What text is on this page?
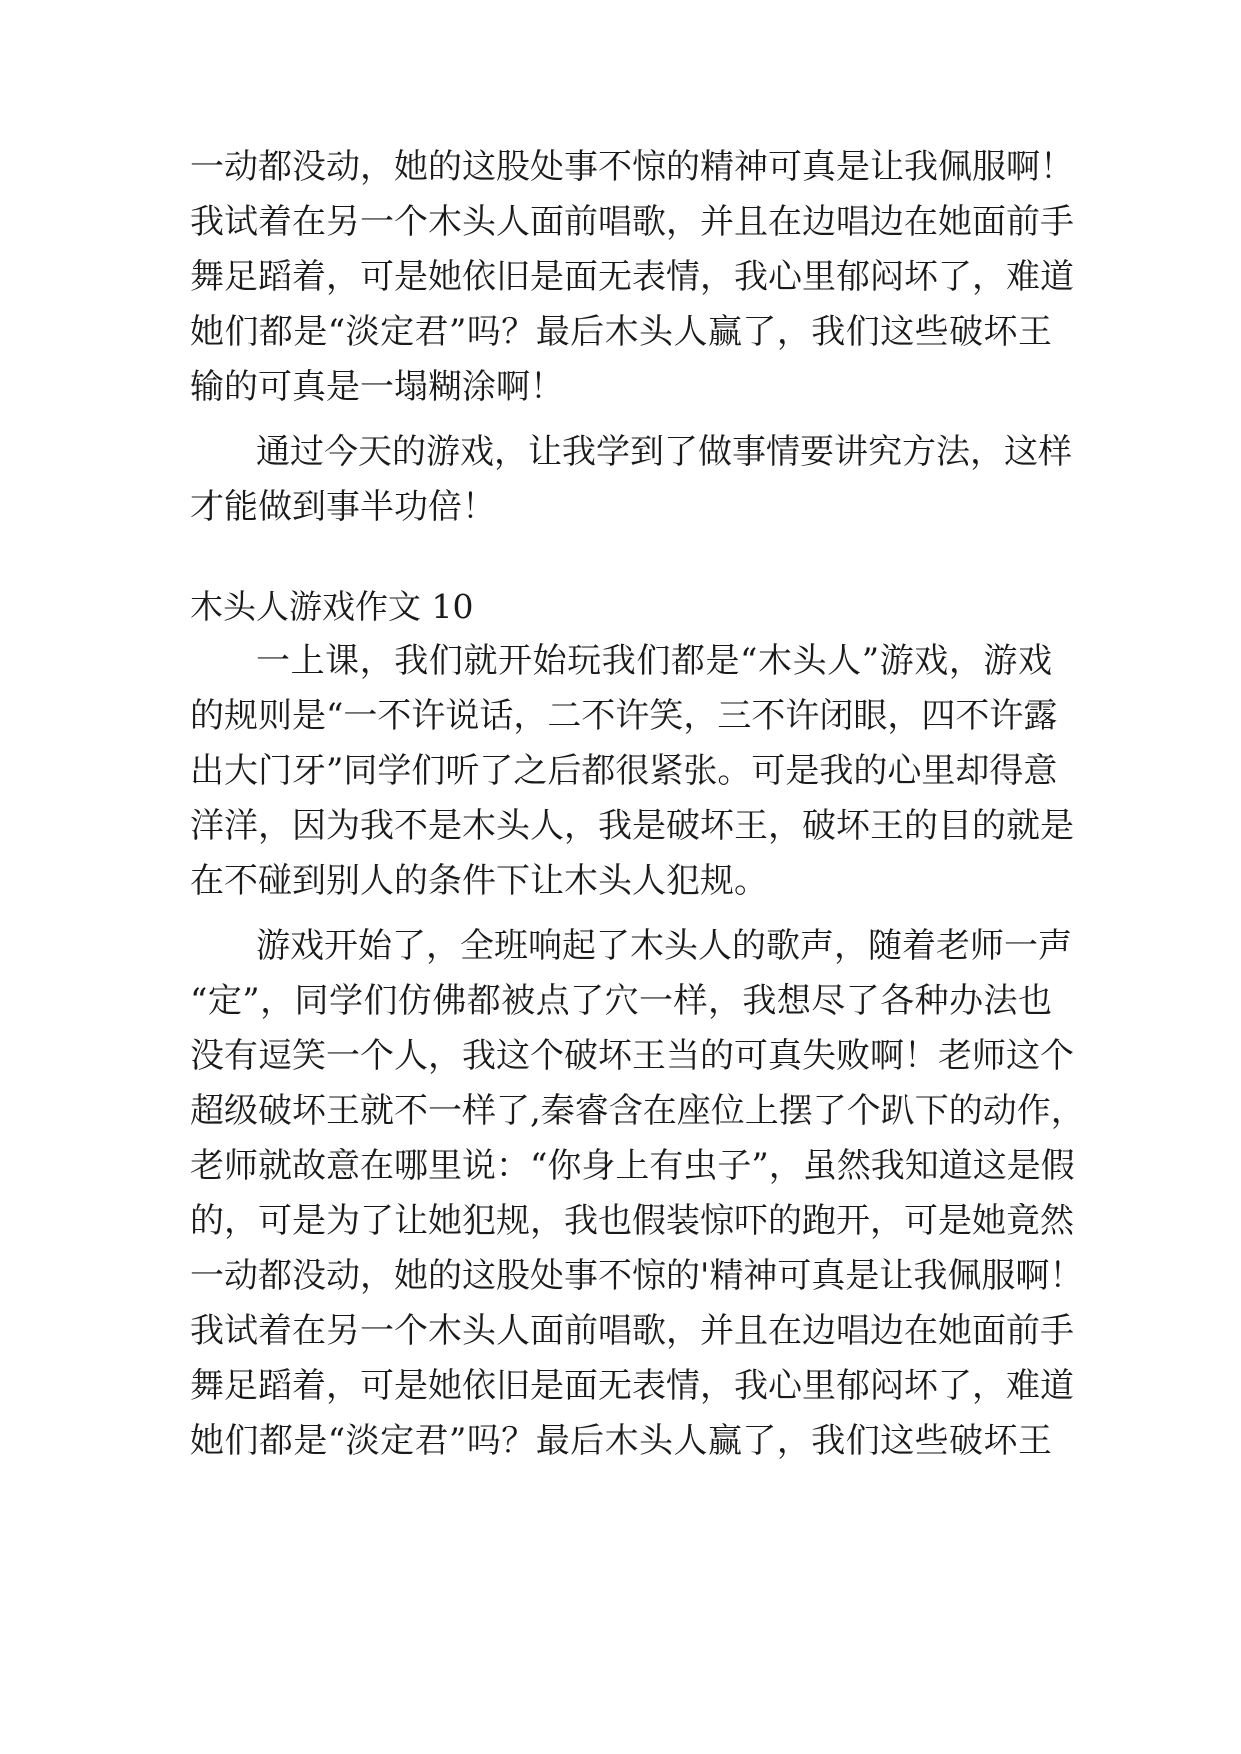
一动都没动，她的这股处事不惊的精神可真是让我佩服啊！
我试着在另一个木头人面前唱歌，并且在边唱边在她面前手
舞足蹈着，可是她依旧是面无表情，我心里郁闷坏了，难道
她们都是“淡定君”吗？最后木头人赢了，我们这些破坏王
输的可真是一塌糊涂啊！
通过今天的游戏，让我学到了做事情要讲究方法，这样
才能做到事半功倍！
木头人游戏作文 10
一上课，我们就开始玩我们都是“木头人”游戏，游戏
的规则是“一不许说话，二不许笑，三不许闭眼，四不许露
出大门牙”同学们听了之后都很紧张。可是我的心里却得意
洋洋，因为我不是木头人，我是破坏王，破坏王的目的就是
在不碰到别人的条件下让木头人犯规。
游戏开始了，全班响起了木头人的歌声，随着老师一声
“定”，同学们仿佛都被点了穴一样，我想尽了各种办法也
没有逗笑一个人，我这个破坏王当的可真失败啊！老师这个
超级破坏王就不一样了,秦睿含在座位上摆了个趴下的动作，
老师就故意在哪里说：“你身上有虫子”，虽然我知道这是假
的，可是为了让她犯规，我也假装惊吓的跑开，可是她竟然
一动都没动，她的这股处事不惊的'精神可真是让我佩服啊！
我试着在另一个木头人面前唱歌，并且在边唱边在她面前手
舞足蹈着，可是她依旧是面无表情，我心里郁闷坏了，难道
她们都是“淡定君”吗？最后木头人赢了，我们这些破坏王
